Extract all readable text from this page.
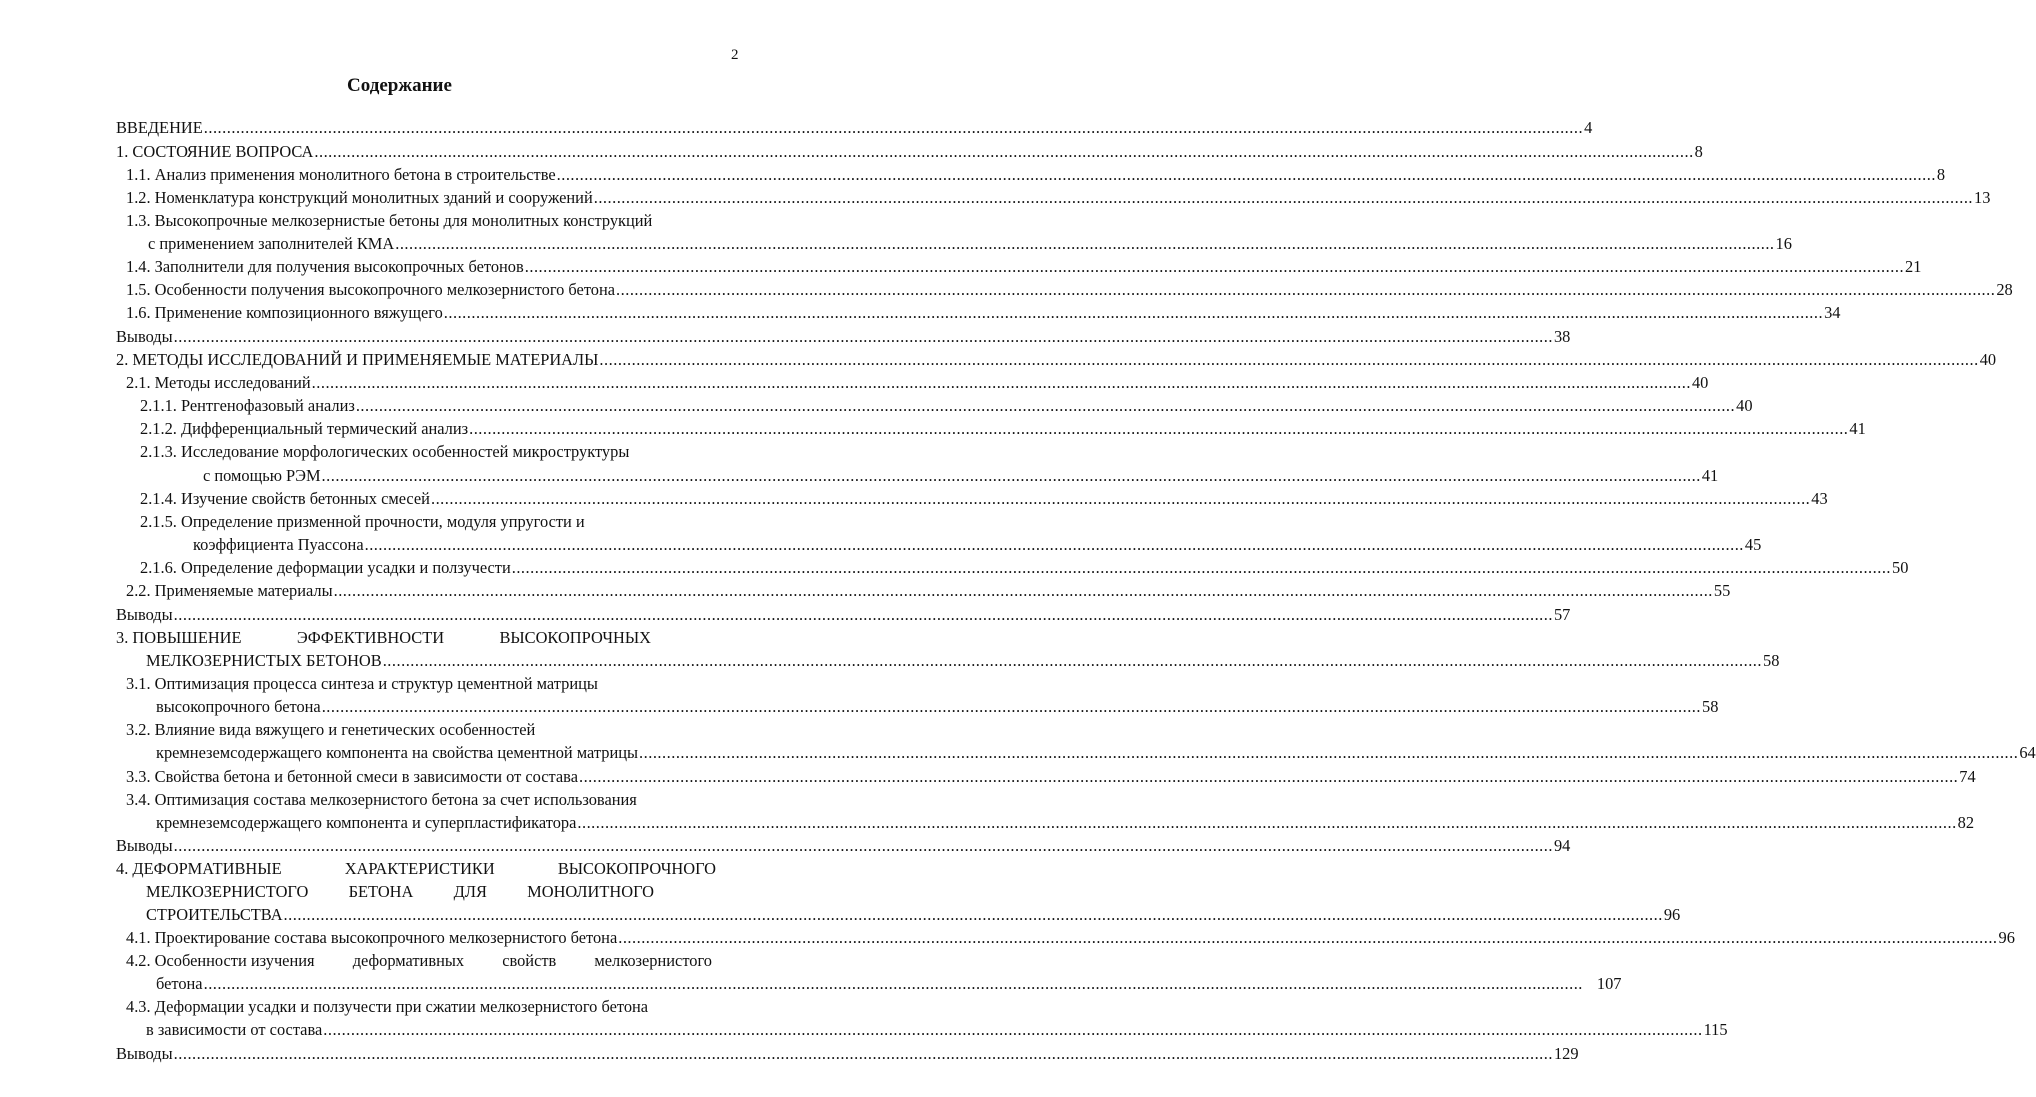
2
Содержание
ВВЕДЕНИЕ ............................................................................................................................................................................................................................................................................................................ 4
1. СОСТОЯНИЕ ВОПРОСА ............................................................................................................................................................................................................................................................................................................ 8
1.1. Анализ применения монолитного бетона в строительстве ............................................................................................................................................................................................................................................................................................................ 8
1.2. Номенклатура конструкций монолитных зданий и сооружений ............................................................................................................................................................................................................................................................................................................ 13
1.3. Высокопрочные мелкозернистые бетоны для монолитных конструкций
с применением заполнителей КМА ............................................................................................................................................................................................................................................................................................................ 16
1.4. Заполнители для получения высокопрочных бетонов ............................................................................................................................................................................................................................................................................................................ 21
1.5. Особенности получения высокопрочного мелкозернистого бетона ............................................................................................................................................................................................................................................................................................................ 28
1.6. Применение композиционного вяжущего ............................................................................................................................................................................................................................................................................................................ 34
Выводы ............................................................................................................................................................................................................................................................................................................ 38
2. МЕТОДЫ ИССЛЕДОВАНИЙ И ПРИМЕНЯЕМЫЕ МАТЕРИАЛЫ ............................................................................................................................................................................................................................................................................................................ 40
2.1. Методы исследований ............................................................................................................................................................................................................................................................................................................ 40
2.1.1. Рентгенофазовый анализ ............................................................................................................................................................................................................................................................................................................ 40
2.1.2. Дифференциальный термический анализ ............................................................................................................................................................................................................................................................................................................ 41
2.1.3. Исследование морфологических особенностей микроструктуры
с помощью РЭМ ............................................................................................................................................................................................................................................................................................................ 41
2.1.4. Изучение свойств бетонных смесей ............................................................................................................................................................................................................................................................................................................ 43
2.1.5. Определение призменной прочности, модуля упругости и
коэффициента Пуассона ............................................................................................................................................................................................................................................................................................................ 45
2.1.6. Определение деформации усадки и ползучести ............................................................................................................................................................................................................................................................................................................ 50
2.2. Применяемые материалы ............................................................................................................................................................................................................................................................................................................ 55
Выводы ............................................................................................................................................................................................................................................................................................................ 57
3. ПОВЫШЕНИЕ	ЭФФЕКТИВНОСТИ	ВЫСОКОПРОЧНЫХ
МЕЛКОЗЕРНИСТЫХ БЕТОНОВ ............................................................................................................................................................................................................................................................................................................ 58
3.1. Оптимизация процесса синтеза и структур цементной матрицы
высокопрочного бетона ............................................................................................................................................................................................................................................................................................................ 58
3.2. Влияние вида вяжущего и генетических особенностей
кремнеземсодержащего компонента на свойства цементной матрицы ............................................................................................................................................................................................................................................................................................................ 64
3.3. Свойства бетона и бетонной смеси в зависимости от состава ............................................................................................................................................................................................................................................................................................................ 74
3.4. Оптимизация состава мелкозернистого бетона за счет использования
кремнеземсодержащего компонента и суперпластификатора ............................................................................................................................................................................................................................................................................................................ 82
Выводы ............................................................................................................................................................................................................................................................................................................ 94
4. ДЕФОРМАТИВНЫЕ	ХАРАКТЕРИСТИКИ	ВЫСОКОПРОЧНОГО
МЕЛКОЗЕРНИСТОГО БЕТОНА ДЛЯ МОНОЛИТНОГО
СТРОИТЕЛЬСТВА ............................................................................................................................................................................................................................................................................................................ 96
4.1. Проектирование состава высокопрочного мелкозернистого бетона ............................................................................................................................................................................................................................................................................................................ 96
4.2. Особенности изучения деформативных свойств мелкозернистого
бетона ............................................................................................................................................................................................................................................................................................................ 107
4.3. Деформации усадки и ползучести при сжатии мелкозернистого бетона
в зависимости от состава ............................................................................................................................................................................................................................................................................................................ 115
Выводы ............................................................................................................................................................................................................................................................................................................ 129
